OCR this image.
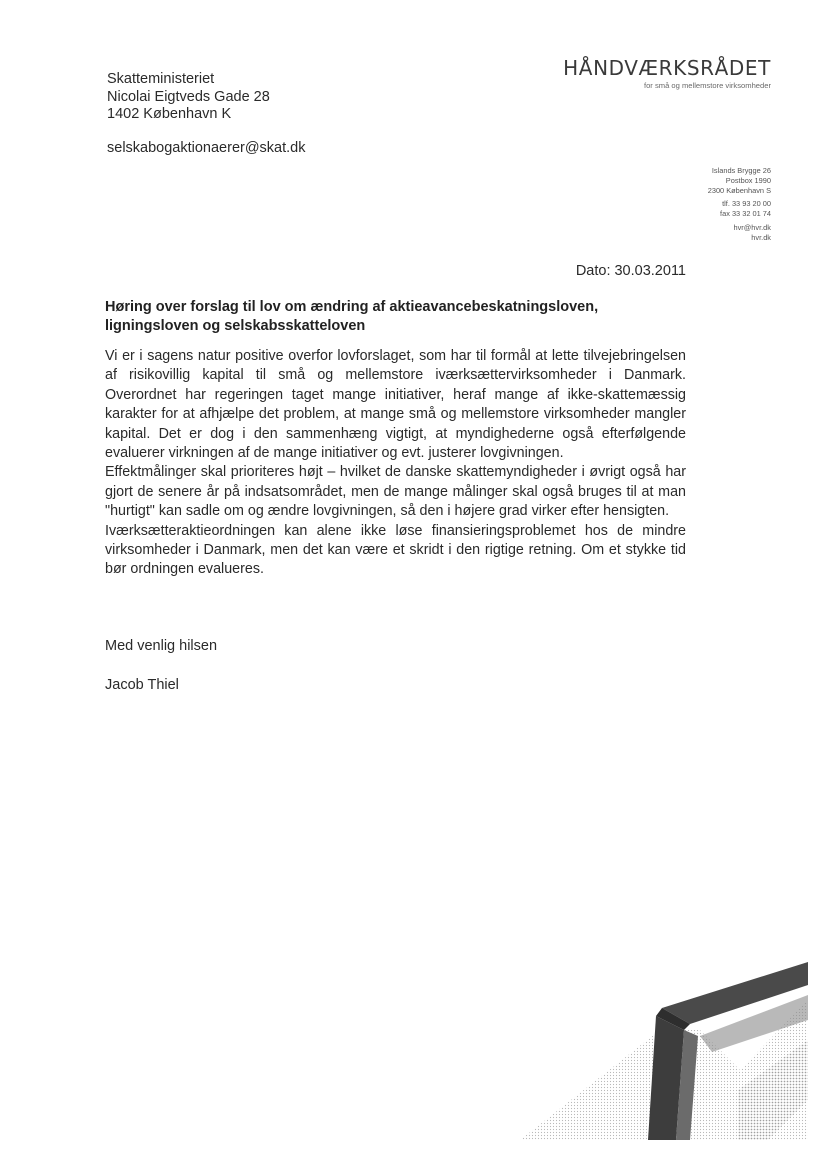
Skatteministeriet
Nicolai Eigtveds Gade 28
1402 København K
selskabogaktionaerer@skat.dk
HÅNDVÆRKSRÅDET
for små og mellemstore virksomheder
Islands Brygge 26
Postbox 1990
2300 København S
tlf. 33 93 20 00
fax 33 32 01 74
hvr@hvr.dk
hvr.dk
Dato: 30.03.2011
Høring over forslag til lov om ændring af aktieavancebeskatningsloven, ligningsloven og selskabsskatteloven

Vi er i sagens natur positive overfor lovforslaget, som har til formål at lette tilvejebringelsen af risikovillig kapital til små og mellemstore iværksættervirksomheder i Danmark. Overordnet har regeringen taget mange initiativer, heraf mange af ikke-skattemæssig karakter for at afhjælpe det problem, at mange små og mellemstore virksomheder mangler kapital. Det er dog i den sammenhæng vigtigt, at myndighederne også efterfølgende evaluerer virkningen af de mange initiativer og evt. justerer lovgivningen.

Effektmålinger skal prioriteres højt – hvilket de danske skattemyndigheder i øvrigt også har gjort de senere år på indsatsområdet, men de mange målinger skal også bruges til at man "hurtigt" kan sadle om og ændre lovgivningen, så den i højere grad virker efter hensigten.

Iværksætteraktieordningen kan alene ikke løse finansieringsproblemet hos de mindre virksomheder i Danmark, men det kan være et skridt i den rigtige retning. Om et stykke tid bør ordningen evalueres.

Med venlig hilsen
Jacob Thiel
